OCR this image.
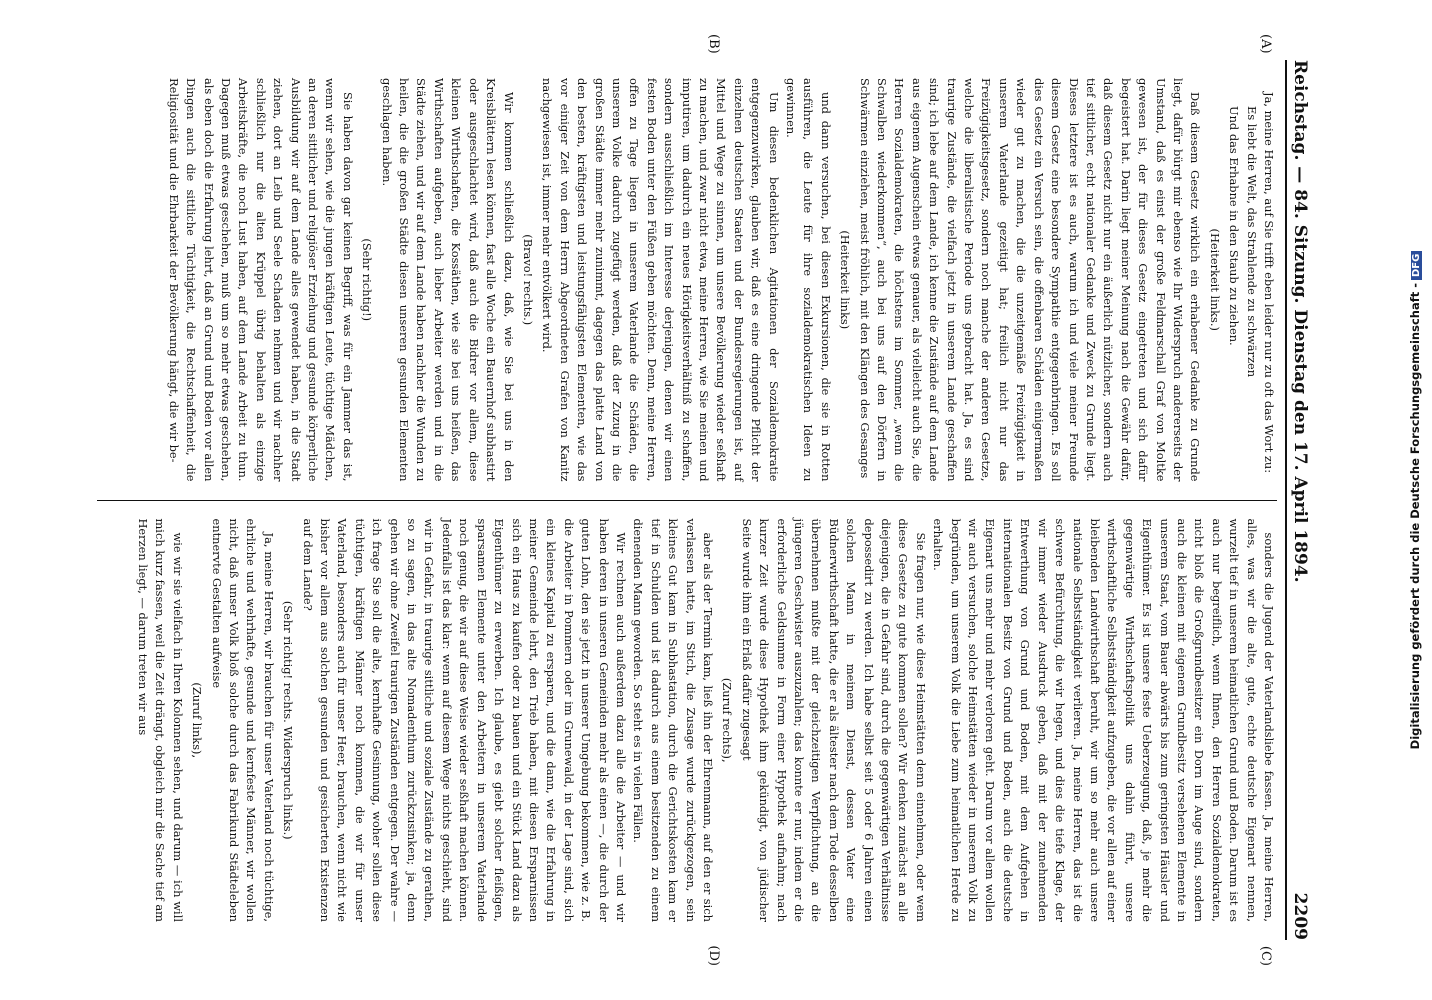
Reichstag. — 84. Sitzung. Dienstag den 17. April 1894.
2209
(A)
(B)
(C)
(D)

Ja, meine Herren, auf Sie trifft eben leider nur zu oft das Wort zu:

Es liebt die Welt, das Strahlende zu schwärzen

Und das Erhabne in den Staub zu ziehen.

(Heiterkeit links.)

Daß diesem Gesetz wirklich ein erhabener Gedanke zu Grunde liegt, dafür bürgt mir ebenso wie Ihr Widerspruch andererseits der Umstand, daß es einst der große Feldmarschall Graf von Moltke gewesen ist, der für dieses Gesetz eingetreten und sich dafür begeistert hat. Darin liegt meiner Meinung nach die Gewähr dafür, daß diesem Gesetz nicht nur ein äußerlich nützlicher, sondern auch tief sittlicher, echt nationaler Gedanke und Zweck zu Grunde liegt. Dieses letztere ist es auch, warum ich und viele meiner Freunde diesem Gesetz eine besondere Sympathie entgegenbringen. Es soll dies Gesetz ein Versuch sein, die offenbaren Schäden einigermaßen wieder gut zu machen, die die unzeitgemäße Freizügigkeit in unserem Vaterlande gezeitigt hat; freilich nicht nur das Freizügigkeitsgesetz, sondern noch manche der anderen Gesetze, welche die liberalistische Periode uns gebracht hat. Ja, es sind traurige Zustände, die vielfach jetzt in unserem Lande geschaffen sind; ich lebe auf dem Lande, ich kenne die Zustände auf dem Lande aus eigenem Augenschein etwas genauer, als vielleicht auch Sie, die Herren Sozialdemokraten, die höchstens im Sommer, „wenn die Schwalben wiederkommen“, auch bei uns auf den Dörfern in Schwärmen einziehen, meist fröhlich, mit den Klängen des Gesanges

(Heiterkeit links)

und dann versuchen, bei diesen Exkursionen, die sie in Rotten ausführen, die Leute für ihre sozialdemokratischen Ideen zu gewinnen.

Um diesen bedenklichen Agitationen der Sozialdemokratie entgegenzuwirken, glauben wir, daß es eine dringende Pflicht der einzelnen deutschen Staaten und der Bundesregierungen ist, auf Mittel und Wege zu sinnen, um unsere Bevölkerung wieder seßhaft zu machen, und zwar nicht etwa, meine Herren, wie Sie meinen und imputiren, um dadurch ein neues Hörigkeitsverhältniß zu schaffen, sondern ausschließlich im Interesse derjenigen, denen wir einen festen Boden unter den Füßen geben möchten. Denn, meine Herren, offen zu Tage liegen in unserem Vaterlande die Schäden, die unserem Volke dadurch zugefügt werden, daß der Zuzug in die großen Städte immer mehr zunimmt, dagegen das platte Land von den besten, kräftigsten und leistungsfähigsten Elementen, wie das vor einiger Zeit von dem Herrn Abgeordneten Grafen von Kanitz nachgewiesen ist, immer mehr entvölkert wird.

(Bravo! rechts.)

Wir kommen schließlich dazu, daß, wie Sie bei uns in den Kreisblättern lesen können, fast alle Woche ein Bauernhof subhastirt oder ausgeschlachtet wird, daß auch die Bidrer vor allem, diese kleinen Wirthschaften, die Kossäthen, wie sie bei uns heißen, das Wirthschaften aufgeben, auch lieber Arbeiter werden und in die Städte ziehen, und wir auf dem Lande haben nachher die Wunden zu heilen, die die großen Städte diesen unseren gesunden Elementen geschlagen haben.

(Sehr richtig!)

Sie haben davon gar keinen Begriff, was für ein Jammer das ist, wenn wir sehen, wie die jungen kräftigen Leute, tüchtige Mädchen, an deren sittlicher und religiöser Erziehung und gesunde körperliche Ausbildung wir auf dem Lande alles gewendet haben, in die Stadt ziehen, dort an Leib und Seele Schaden nehmen und wir nachher schließlich nur die alten Krüppel übrig behalten als einzige Arbeitskräfte, die noch Lust haben, auf dem Lande Arbeit zu thun. Dagegen muß etwas geschehen, muß um so mehr etwas geschehen, als eben doch die Erfahrung lehrt, daß an Grund und Boden vor allen Dingen auch die sittliche Tüchtigkeit, die Rechtschaffenheit, die Religiosität und die Ehrbarkeit der Bevölkerung hängt, die wir be-

sonders die Jugend der Vaterlandsliebe fassen. Ja, meine Herren, alles, was wir die alte, gute, echte deutsche Eigenart nennen, wurzelt tief in unserem heimatlichen Grund und Boden. Darum ist es auch nur begreiflich, wenn Ihnen, den Herren Sozialdemokraten, nicht bloß die Großgrundbesitzer ein Dorn im Auge sind, sondern auch die kleinen mit eigenem Grundbesitz versehenen Elemente in unserem Staat, vom Bauer abwärts bis zum geringsten Häusler und Eigenthümer. Es ist unsere feste Ueberzeugung, daß, je mehr die gegenwärtige Wirthschaftspolitik uns dahin führt, unsere wirthschaftliche Selbstständigkeit aufzugeben, die vor allen auf einer bleibenden Landwirthschaft beruht, wir um so mehr auch unsere nationale Selbstständigkeit verlieren. Ja, meine Herren, das ist die schwere Befürchtung, die wir hegen, und dies die tiefe Klage, der wir immer wieder Ausdruck geben, daß mit der zunehmenden Entwerthung von Grund und Boden, mit dem Aufgehen in internationalen Besitz von Grund und Boden, auch die deutsche Eigenart uns mehr und mehr verloren geht. Darum vor allem wollen wir auch versuchen, solche Heimstätten wieder in unserem Volk zu begründen, um unserem Volk die Liebe zum heimatlichen Herde zu erhalten.

Sie fragen nur, wie diese Heimstätten denn einnehmen, oder wem diese Gesetze zu gute kommen sollen? Wir denken zunächst an alle diejenigen, die in Gefahr sind, durch die gegenwärtigen Verhältnisse depossedirt zu werden. Ich habe selbst seit 5 oder 6 Jahren einen solchen Mann in meinem Dienst, dessen Vater eine Büdnerwirthschaft hatte, die er als ältester nach dem Tode desselben übernehmen mußte mit der gleichzeitigen Verpflichtung, an die jüngeren Geschwister auszuzahlen; das konnte er nur, indem er die erforderliche Geldsumme in Form einer Hypothek aufnahm; nach kurzer Zeit wurde diese Hypothek ihm gekündigt, von jüdischer Seite wurde ihm ein Erlaß dafür zugesagt

(Zuruf rechts),

aber als der Termin kam, ließ ihn der Ehrenmann, auf den er sich verlassen hatte, im Stich, die Zusage wurde zurückgezogen, sein kleines Gut kam in Subhastation, durch die Gerichtskosten kam er tief in Schulden und ist dadurch aus einem besitzenden zu einem dienenden Mann geworden. So steht es in vielen Fällen.

Wir rechnen auch außerdem dazu alle die Arbeiter — und wir haben deren in unseren Gemeinden mehr als einen —, die durch der guten Lohn, den sie jetzt in unserer Umgebung bekommen, wie z. B. die Arbeiter in Pommern oder im Grunewald, in der Lage sind, sich ein kleines Kapital zu ersparen, und die dann, wie die Erfahrung in meiner Gemeinde lehrt, den Trieb haben, mit diesen Ersparnissen sich ein Haus zu kaufen oder zu bauen und ein Stück Land dazu als Eigenthümer zu erwerben. Ich glaube, es giebt solcher fleißigen, sparsamen Elemente unter den Arbeitern in unserem Vaterlande noch genug, die wir auf diese Weise wieder seßhaft machen können. Jedenfalls ist das klar: wenn auf diesem Wege nichts geschieht, sind wir in Gefahr, in traurige sittliche und soziale Zustände zu gerathen, so zu sagen, in das alte Nomadenthum zurückzusinken; ja, denn gehen wir ohne Zweifel traurigen Zuständen entgegen. Der wahre — ich frage Sie soll die alte, kernhafte Gesinnung, woher sollen diese tüchtigen, kräftigen Männer noch kommen, die wir für unser Vaterland, besonders auch für unser Heer, brauchen, wenn nicht wie bisher vor allem aus solchen gesunden und gesicherten Existenzen auf dem Lande?

(Sehr richtig! rechts. Widerspruch links.)

Ja, meine Herren, wir brauchen für unser Vaterland noch tüchtige, ehrliche und wehrhafte, gesunde und kernfeste Männer, wir wollen nicht, daß unser Volk bloß solche durch das Fabrikund Städteleben entnervte Gestalten aufweise

(Zuruf links),

wie wir sie vielfach in Ihren Kolonnen sehen, und darum — ich will mich kurz fassen, weil die Zeit drängt, obgleich mir die Sache tief am Herzen liegt, — darum treten wir aus	Digitalisierung gefördert durch die Deutsche Forschungsgemeinschaft -DFG
